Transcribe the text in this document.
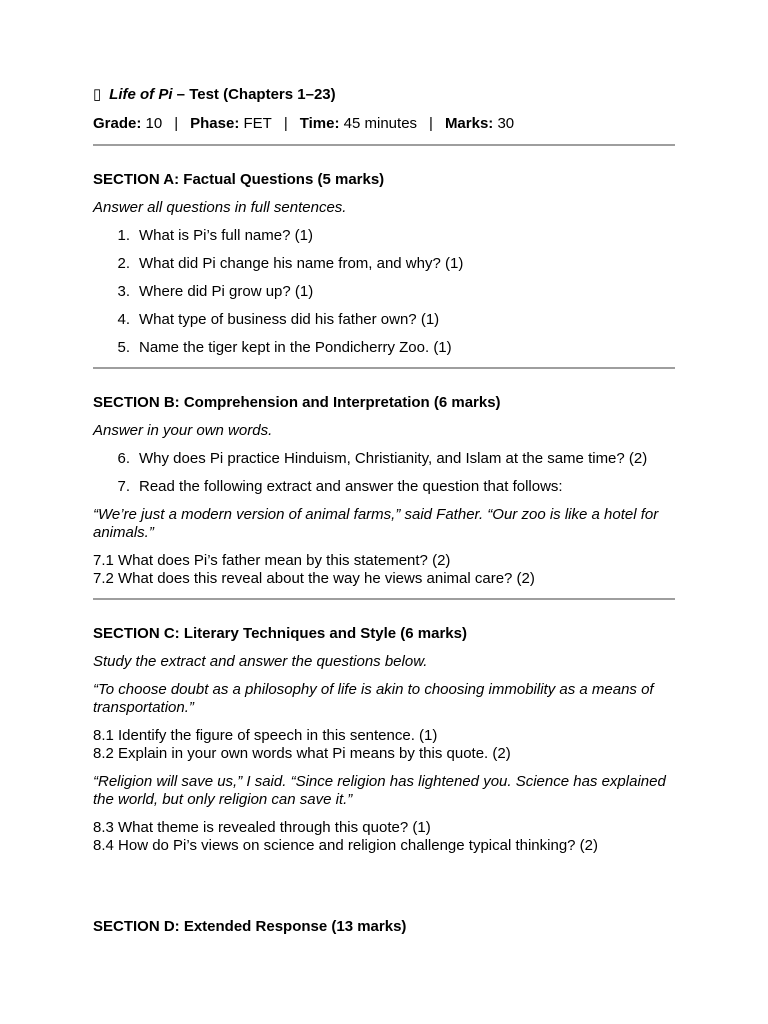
▯ Life of Pi – Test (Chapters 1–23)
Grade: 10 | Phase: FET | Time: 45 minutes | Marks: 30
SECTION A: Factual Questions (5 marks)
Answer all questions in full sentences.
1. What is Pi’s full name? (1)
2. What did Pi change his name from, and why? (1)
3. Where did Pi grow up? (1)
4. What type of business did his father own? (1)
5. Name the tiger kept in the Pondicherry Zoo. (1)
SECTION B: Comprehension and Interpretation (6 marks)
Answer in your own words.
6. Why does Pi practice Hinduism, Christianity, and Islam at the same time? (2)
7. Read the following extract and answer the question that follows:
“We’re just a modern version of animal farms,” said Father. “Our zoo is like a hotel for animals.”
7.1 What does Pi’s father mean by this statement? (2)
7.2 What does this reveal about the way he views animal care? (2)
SECTION C: Literary Techniques and Style (6 marks)
Study the extract and answer the questions below.
“To choose doubt as a philosophy of life is akin to choosing immobility as a means of transportation.”
8.1 Identify the figure of speech in this sentence. (1)
8.2 Explain in your own words what Pi means by this quote. (2)
“Religion will save us,” I said. “Since religion has lightened you. Science has explained the world, but only religion can save it.”
8.3 What theme is revealed through this quote? (1)
8.4 How do Pi’s views on science and religion challenge typical thinking? (2)
SECTION D: Extended Response (13 marks)
